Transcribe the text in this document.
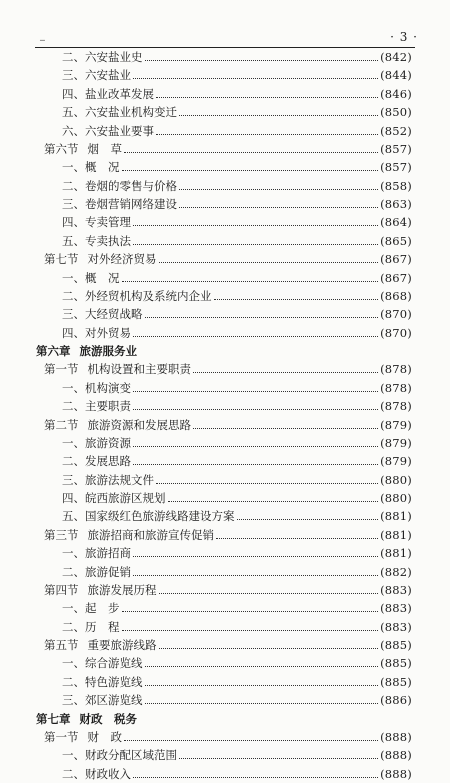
· 3 ·
─
二、六安盐业史	(842)
三、六安盐业	(844)
四、盐业改革发展	(846)
五、六安盐业机构变迁	(850)
六、六安盐业要事	(852)
第六节 烟　草	(857)
一、概　况	(857)
二、卷烟的零售与价格	(858)
三、卷烟营销网络建设	(863)
四、专卖管理	(864)
五、专卖执法	(865)
第七节 对外经济贸易	(867)
一、概　况	(867)
二、外经贸机构及系统内企业	(868)
三、大经贸战略	(870)
四、对外贸易	(870)
第六章 旅游服务业
第一节 机构设置和主要职责	(878)
一、机构演变	(878)
二、主要职责	(878)
第二节 旅游资源和发展思路	(879)
一、旅游资源	(879)
二、发展思路	(879)
三、旅游法规文件	(880)
四、皖西旅游区规划	(880)
五、国家级红色旅游线路建设方案	(881)
第三节 旅游招商和旅游宣传促销	(881)
一、旅游招商	(881)
二、旅游促销	(882)
第四节 旅游发展历程	(883)
一、起　步	(883)
二、历　程	(883)
第五节 重要旅游线路	(885)
一、综合游览线	(885)
二、特色游览线	(885)
三、郊区游览线	(886)
第七章 财政　税务
第一节 财　政	(888)
一、财政分配区域范围	(888)
二、财政收入	(888)
